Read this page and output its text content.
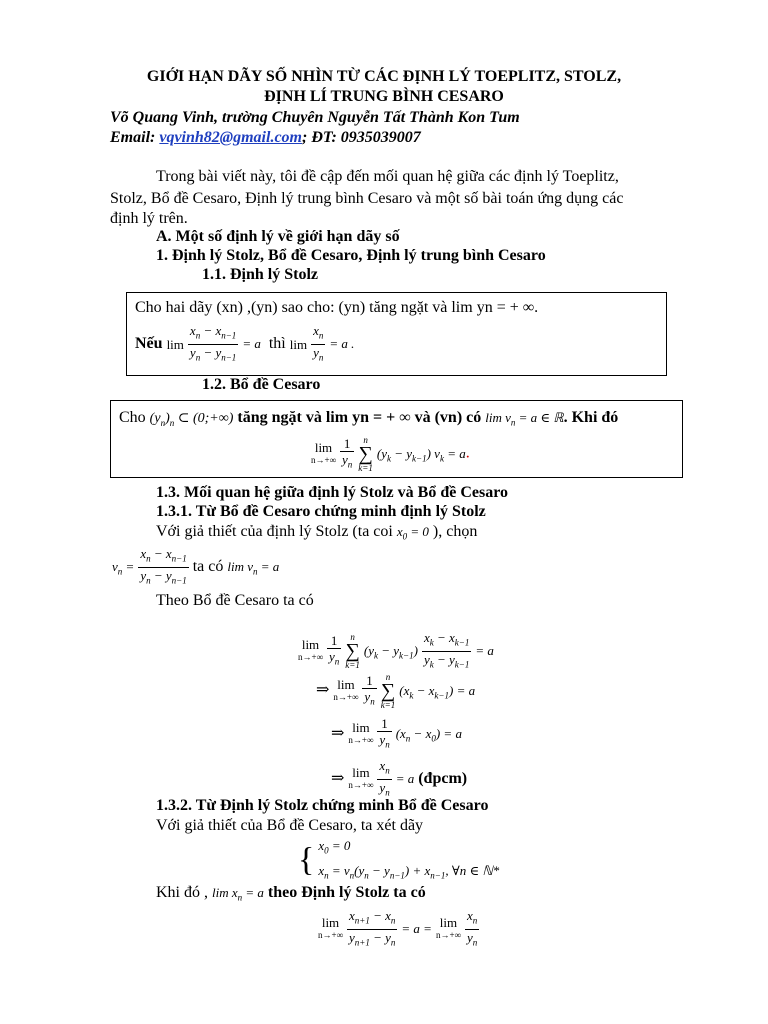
GIỚI HẠN DÃY SỐ NHÌN TỪ CÁC ĐỊNH LÝ TOEPLITZ, STOLZ,
ĐỊNH LÍ TRUNG BÌNH CESARO
Võ Quang Vinh, trường Chuyên Nguyễn Tất Thành Kon Tum
Email: vqvinh82@gmail.com; ĐT: 0935039007
Trong bài viết này, tôi đề cập đến mối quan hệ giữa các định lý Toeplitz,
Stolz, Bổ đề Cesaro, Định lý trung bình Cesaro và một số bài toán ứng dụng các
định lý trên.
A. Một số định lý về giới hạn dãy số
1. Định lý Stolz, Bổ đề Cesaro, Định lý trung bình Cesaro
1.1. Định lý Stolz
Cho hai dãy (xn) ,(yn) sao cho: (yn) tăng ngặt và lim yn = + ∞.
Nếu $\lim \frac{x_n - x_{n-1}}{y_n - y_{n-1}} = a$ thì $\lim \frac{x_n}{y_n} = a$ .
1.2. Bổ đề Cesaro
Cho $(y_n)_n$ ⊂ (0;+∞) tăng ngặt và lim yn = + ∞ và (vn) có $\lim v_n = a$ ∈ ℝ. Khi đó
lim
n→+∞
$\frac{1}{y_n}$
	n
∑
k=1
$(y_k - y_{k-1}) v_k = a$.
1.3. Mối quan hệ giữa định lý Stolz và Bổ đề Cesaro
1.3.1. Từ Bổ đề Cesaro chứng minh định lý Stolz
Với giả thiết của định lý Stolz (ta coi $x_0 = 0$ ), chọn
$v_n = \frac{x_n - x_{n-1}}{y_n - y_{n-1}}$ ta có $\lim v_n = a$
Theo Bổ đề Cesaro ta có
lim
n→+∞
$\frac{1}{y_n}$
	n
∑
k=1
$(y_k - y_{k-1}) \frac{x_k - x_{k-1}}{y_k - y_{k-1}} = a$
⇒ lim
n→+∞
$\frac{1}{y_n}$
	n
∑
k=1
$(x_k - x_{k-1}) = a$
⇒ lim
n→+∞
$\frac{1}{y_n} (x_n - x_0) = a$
⇒ lim
n→+∞
$\frac{x_n}{y_n} = a$ (đpcm)
1.3.2. Từ Định lý Stolz chứng minh Bổ đề Cesaro
Với giả thiết của Bổ đề Cesaro, ta xét dãy
{ $x_0 = 0$
$x_n = v_n(y_n - y_{n-1}) + x_{n-1}$, ∀n ∈ ℕ*
Khi đó , $\lim x_n = a$ theo Định lý Stolz ta có
lim
n→+∞
$\frac{x_{n+1} - x_n}{y_{n+1} - y_n} = a = \lim$
n→+∞
$\frac{x_n}{y_n}$
